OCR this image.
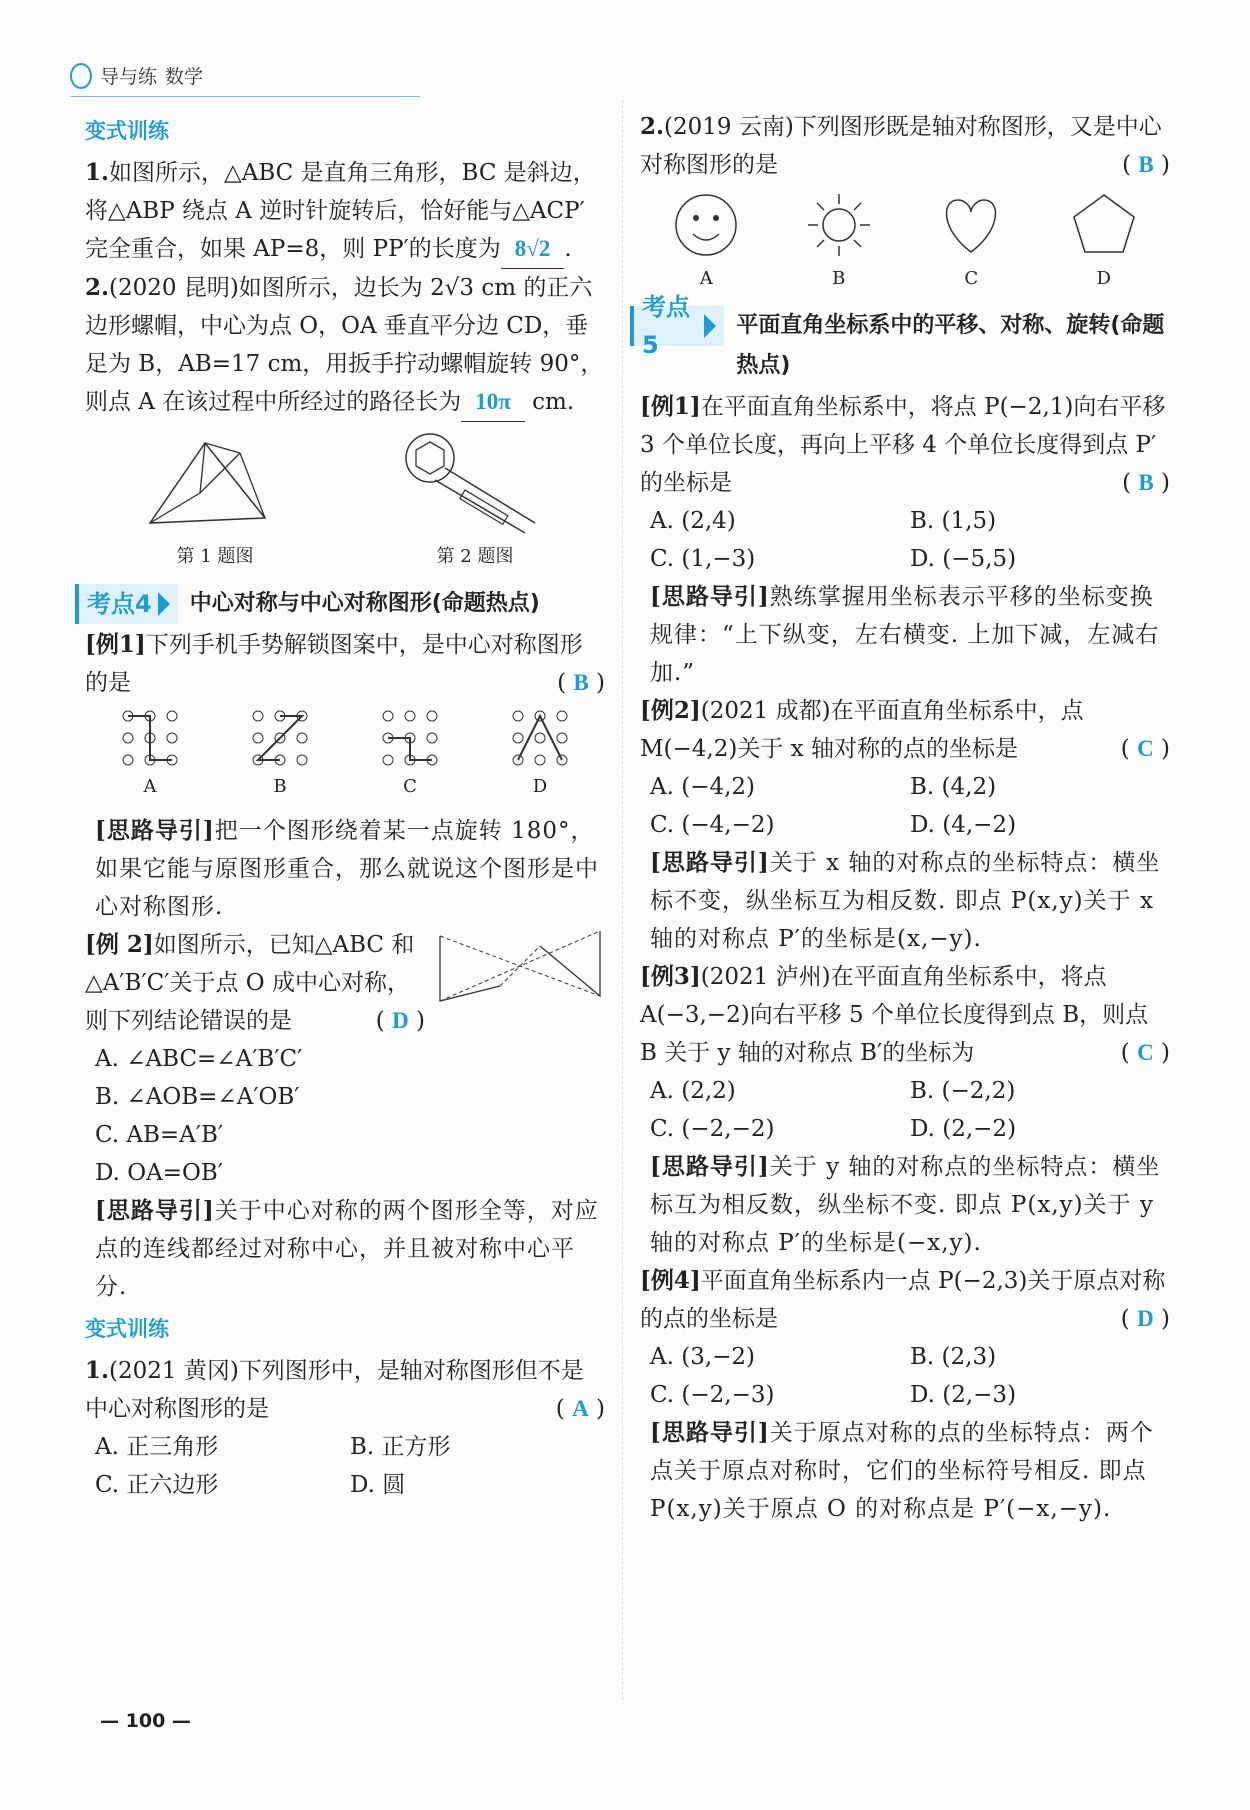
导与练 数学
变式训练

1.如图所示，△ABC 是直角三角形，BC 是斜边，将△ABP 绕点 A 逆时针旋转后，恰好能与△ACP′完全重合，如果 AP=8，则 PP′的长度为 8√2 .

2.(2020 昆明)如图所示，边长为 2√3 cm 的正六边形螺帽，中心为点 O，OA 垂直平分边 CD，垂足为 B，AB=17 cm，用扳手拧动螺帽旋转 90°，则点 A 在该过程中所经过的路径长为 10π cm.

第 1 题图	第 2 题图
考点4 中心对称与中心对称图形(命题热点)

[例1]下列手机手势解锁图案中，是中心对称图形的是	( B )

A	B	C	D

[思路导引]把一个图形绕着某一点旋转 180°，如果它能与原图形重合，那么就说这个图形是中心对称图形.

[例 2]如图所示，已知△ABC 和△A′B′C′关于点 O 成中心对称，则下列结论错误的是	( D )

A. ∠ABC=∠A′B′C′
B. ∠AOB=∠A′OB′
C. AB=A′B′
D. OA=OB′

[思路导引]关于中心对称的两个图形全等，对应点的连线都经过对称中心，并且被对称中心平分.

变式训练

1.(2021 黄冈)下列图形中，是轴对称图形但不是中心对称图形的是	( A )

A. 正三角形	B. 正方形
C. 正六边形	D. 圆

2.(2019 云南)下列图形既是轴对称图形，又是中心对称图形的是	( B )

A	B	C	D
考点5
平面直角坐标系中的平移、对称、旋转(命题热点)

[例1]在平面直角坐标系中，将点 P(−2,1)向右平移 3 个单位长度，再向上平移 4 个单位长度得到点 P′的坐标是	( B )

A. (2,4)	B. (1,5)
C. (1,−3)	D. (−5,5)

[思路导引]熟练掌握用坐标表示平移的坐标变换规律：“上下纵变，左右横变. 上加下减，左减右加.”

[例2](2021 成都)在平面直角坐标系中，点 M(−4,2)关于 x 轴对称的点的坐标是	( C )

A. (−4,2)	B. (4,2)
C. (−4,−2)	D. (4,−2)

[思路导引]关于 x 轴的对称点的坐标特点：横坐标不变，纵坐标互为相反数. 即点 P(x,y)关于 x 轴的对称点 P′的坐标是(x,−y).

[例3](2021 泸州)在平面直角坐标系中，将点 A(−3,−2)向右平移 5 个单位长度得到点 B，则点 B 关于 y 轴的对称点 B′的坐标为	( C )

A. (2,2)	B. (−2,2)
C. (−2,−2)	D. (2,−2)

[思路导引]关于 y 轴的对称点的坐标特点：横坐标互为相反数，纵坐标不变. 即点 P(x,y)关于 y 轴的对称点 P′的坐标是(−x,y).

[例4]平面直角坐标系内一点 P(−2,3)关于原点对称的点的坐标是	( D )

A. (3,−2)	B. (2,3)
C. (−2,−3)	D. (2,−3)

[思路导引]关于原点对称的点的坐标特点：两个点关于原点对称时，它们的坐标符号相反. 即点 P(x,y)关于原点 O 的对称点是 P′(−x,−y).

— 100 —
